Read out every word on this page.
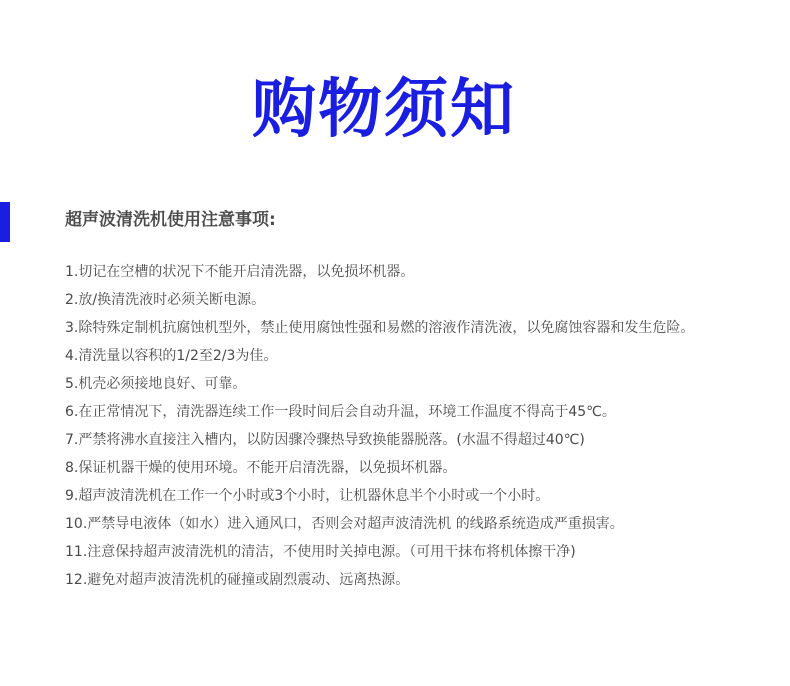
购物须知
超声波清洗机使用注意事项:
1.切记在空槽的状况下不能开启清洗器，以免损坏机器。
2.放/换清洗液时必须关断电源。
3.除特殊定制机抗腐蚀机型外，禁止使用腐蚀性强和易燃的溶液作清洗液，以免腐蚀容器和发生危险。
4.清洗量以容积的1/2至2/3为佳。
5.机壳必须接地良好、可靠。
6.在正常情况下，清洗器连续工作一段时间后会自动升温，环境工作温度不得高于45℃。
7.严禁将沸水直接注入槽内，以防因骤冷骤热导致换能器脱落。(水温不得超过40℃)
8.保证机器干燥的使用环境。不能开启清洗器，以免损坏机器。
9.超声波清洗机在工作一个小时或3个小时，让机器休息半个小时或一个小时。
10.严禁导电液体（如水）进入通风口，否则会对超声波清洗机 的线路系统造成严重损害。
11.注意保持超声波清洗机的清洁，不使用时关掉电源。（可用干抹布将机体擦干净)
12.避免对超声波清洗机的碰撞或剧烈震动、远离热源。
